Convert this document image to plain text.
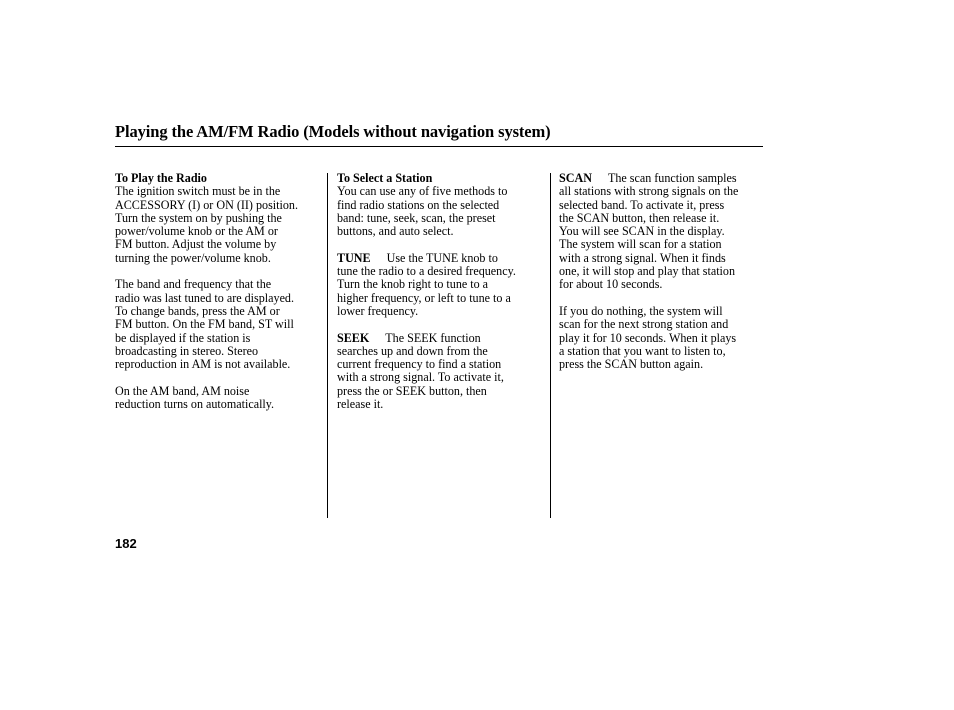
Playing the AM/FM Radio (Models without navigation system)

To Play the Radio
The ignition switch must be in the
ACCESSORY (I) or ON (II) position.
Turn the system on by pushing the
power/volume knob or the AM or
FM button. Adjust the volume by
turning the power/volume knob.

The band and frequency that the
radio was last tuned to are displayed.
To change bands, press the AM or
FM button. On the FM band, ST will
be displayed if the station is
broadcasting in stereo. Stereo
reproduction in AM is not available.

On the AM band, AM noise
reduction turns on automatically.

To Select a Station
You can use any of five methods to
find radio stations on the selected
band: tune, seek, scan, the preset
buttons, and auto select.

TUNE Use the TUNE knob to
tune the radio to a desired frequency.
Turn the knob right to tune to a
higher frequency, or left to tune to a
lower frequency.

SEEK The SEEK function
searches up and down from the
current frequency to find a station
with a strong signal. To activate it,
press the or SEEK button, then
release it.

SCAN The scan function samples
all stations with strong signals on the
selected band. To activate it, press
the SCAN button, then release it.
You will see SCAN in the display.
The system will scan for a station
with a strong signal. When it finds
one, it will stop and play that station
for about 10 seconds.

If you do nothing, the system will
scan for the next strong station and
play it for 10 seconds. When it plays
a station that you want to listen to,
press the SCAN button again.

182
